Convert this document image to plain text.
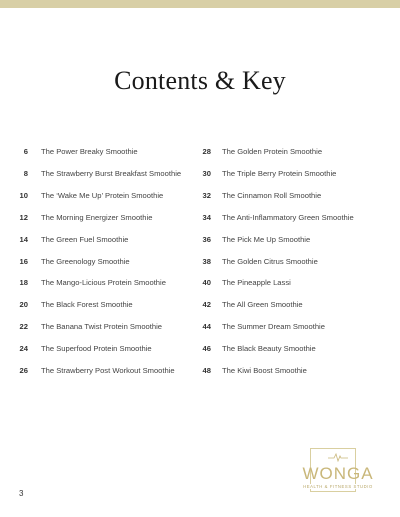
Contents & Key
6 The Power Breaky Smoothie
8 The Strawberry Burst Breakfast Smoothie
10 The ‘Wake Me Up’ Protein Smoothie
12 The Morning Energizer Smoothie
14 The Green Fuel Smoothie
16 The Greenology Smoothie
18 The Mango-Licious Protein Smoothie
20 The Black Forest Smoothie
22 The Banana Twist Protein Smoothie
24 The Superfood Protein Smoothie
26 The Strawberry Post Workout Smoothie
28 The Golden Protein Smoothie
30 The Triple Berry Protein Smoothie
32 The Cinnamon Roll Smoothie
34 The Anti-Inflammatory Green Smoothie
36 The Pick Me Up Smoothie
38 The Golden Citrus Smoothie
40 The Pineapple Lassi
42 The All Green Smoothie
44 The Summer Dream Smoothie
46 The Black Beauty Smoothie
48 The Kiwi Boost Smoothie
3
WONGA
HEALTH & FITNESS STUDIO
